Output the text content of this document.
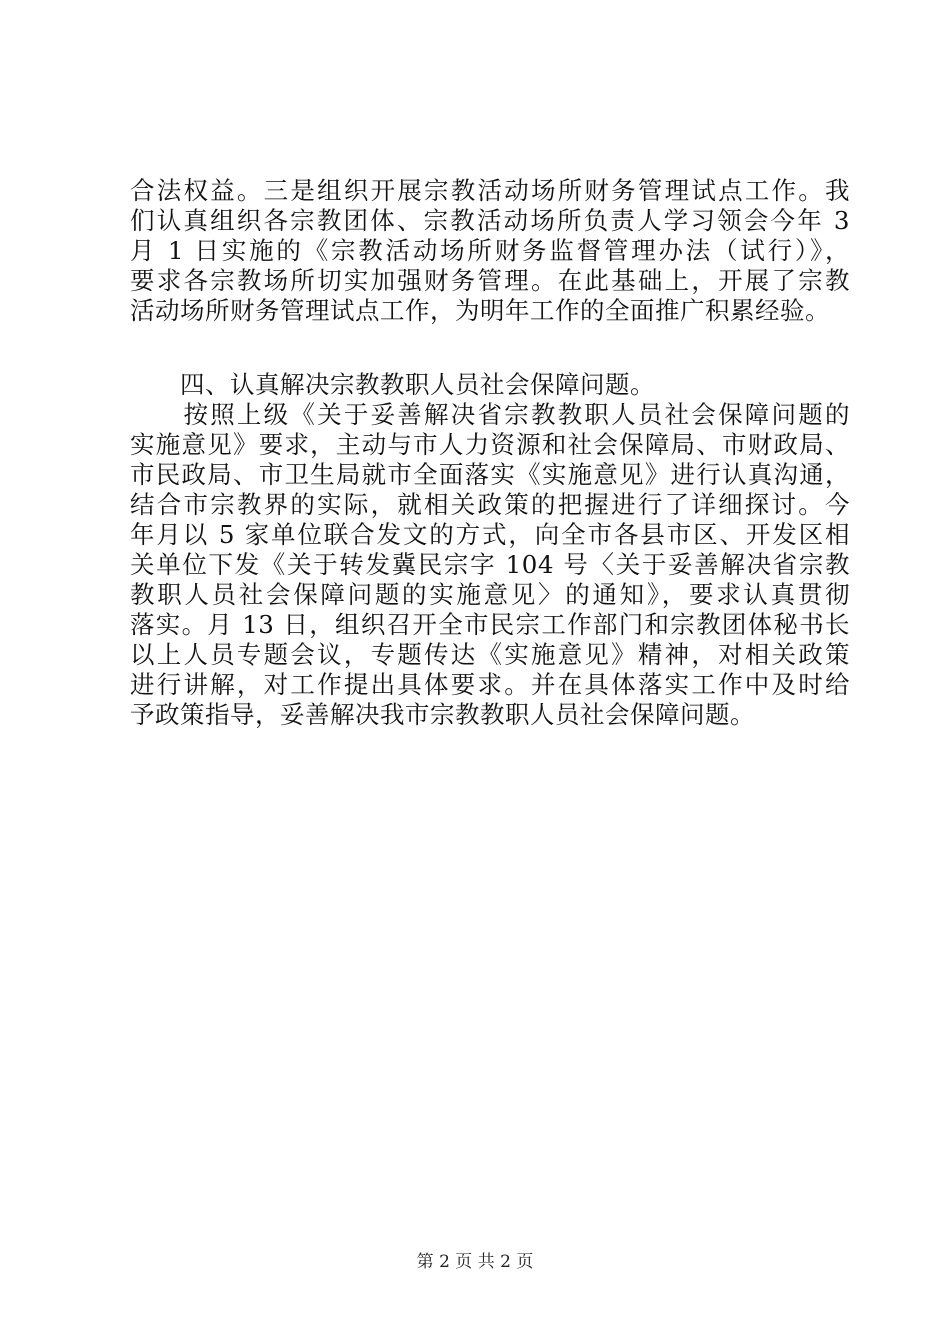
合法权益。三是组织开展宗教活动场所财务管理试点工作。我
们认真组织各宗教团体、宗教活动场所负责人学习领会今年 3
月 1 日实施的《宗教活动场所财务监督管理办法（试行）》，
要求各宗教场所切实加强财务管理。在此基础上，开展了宗教
活动场所财务管理试点工作，为明年工作的全面推广积累经验。
　　四、认真解决宗教教职人员社会保障问题。
　　按照上级《关于妥善解决省宗教教职人员社会保障问题的
实施意见》要求，主动与市人力资源和社会保障局、市财政局、
市民政局、市卫生局就市全面落实《实施意见》进行认真沟通，
结合市宗教界的实际，就相关政策的把握进行了详细探讨。今
年月以 5 家单位联合发文的方式，向全市各县市区、开发区相
关单位下发《关于转发冀民宗字 104 号〈关于妥善解决省宗教
教职人员社会保障问题的实施意见〉的通知》，要求认真贯彻
落实。月 13 日，组织召开全市民宗工作部门和宗教团体秘书长
以上人员专题会议，专题传达《实施意见》精神，对相关政策
进行讲解，对工作提出具体要求。并在具体落实工作中及时给
予政策指导，妥善解决我市宗教教职人员社会保障问题。
第 2 页 共 2 页
